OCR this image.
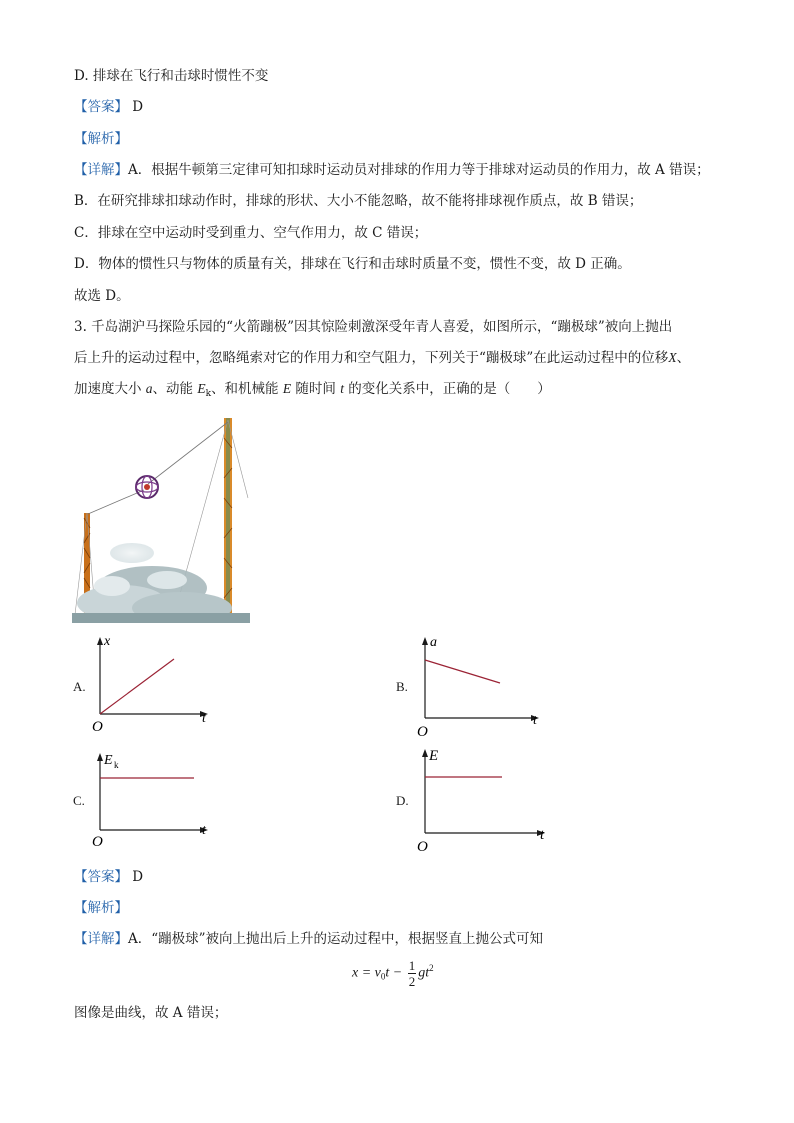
D. 排球在飞行和击球时惯性不变
【答案】 D
【解析】
【详解】A．根据牛顿第三定律可知扣球时运动员对排球的作用力等于排球对运动员的作用力，故 A 错误；
B．在研究排球扣球动作时，排球的形状、大小不能忽略，故不能将排球视作质点，故 B 错误；
C．排球在空中运动时受到重力、空气作用力，故 C 错误；
D．物体的惯性只与物体的质量有关，排球在飞行和击球时质量不变，惯性不变，故 D 正确。
故选 D。
3. 千岛湖沪马探险乐园的“火箭蹦极”因其惊险刺激深受年青人喜爱，如图所示，“蹦极球”被向上抛出
后上升的运动过程中，忽略绳索对它的作用力和空气阻力，下列关于“蹦极球”在此运动过程中的位移X、
加速度大小 a、动能 $E_k$、和机械能 E 随时间 t 的变化关系中，正确的是（　　）
A.
x
t
O
B.
a
t
O
C.
E k
t
O
D.
E
t
O
【答案】 D
【解析】
【详解】A．“蹦极球”被向上抛出后上升的运动过程中，根据竖直上抛公式可知
$x = v_0t - \frac{1}{2} gt^2$
图像是曲线，故 A 错误；
